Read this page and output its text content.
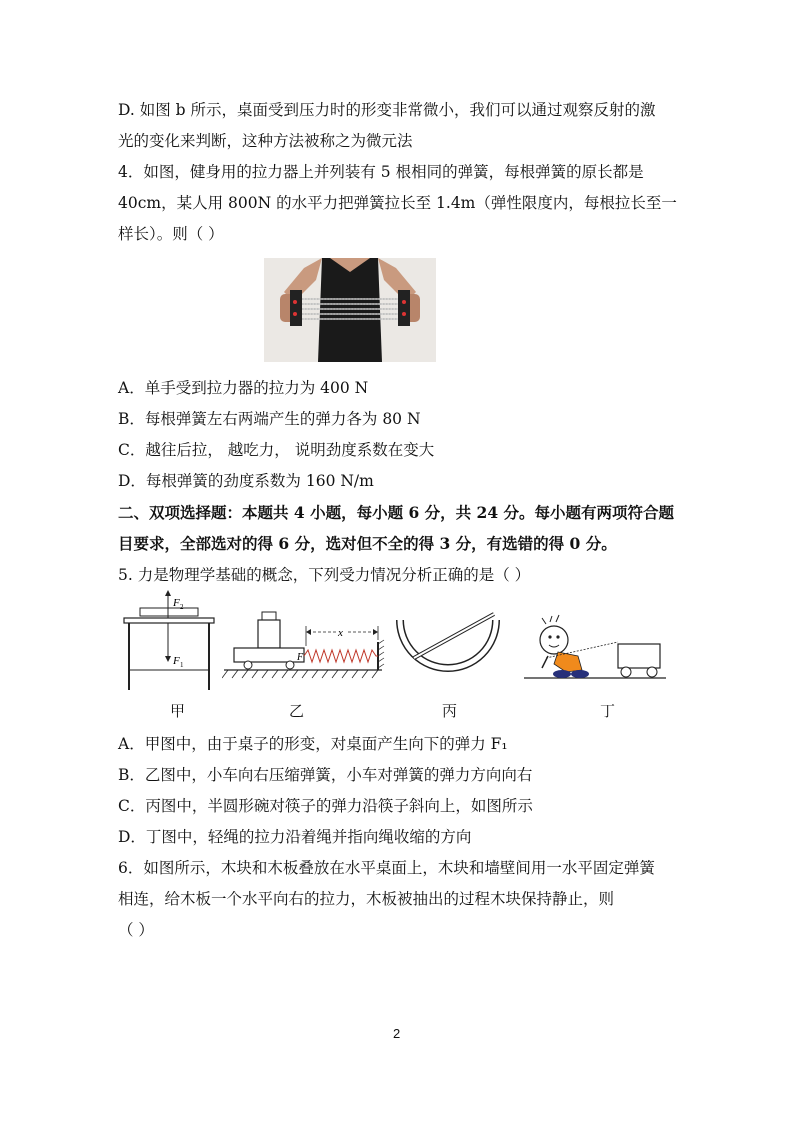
D. 如图 b 所示，桌面受到压力时的形变非常微小，我们可以通过观察反射的激
光的变化来判断，这种方法被称之为微元法
4．如图，健身用的拉力器上并列装有 5 根相同的弹簧，每根弹簧的原长都是
40cm，某人用 800N 的水平力把弹簧拉长至 1.4m（弹性限度内，每根拉长至一
样长）。则（ ）
A．单手受到拉力器的拉力为 400 N
B．每根弹簧左右两端产生的弹力各为 80 N
C．越往后拉， 越吃力， 说明劲度系数在变大
D．每根弹簧的劲度系数为 160 N/m
二、双项选择题：本题共 4 小题，每小题 6 分，共 24 分。每小题有两项符合题
目要求，全部选对的得 6 分，选对但不全的得 3 分，有选错的得 0 分。
5. 力是物理学基础的概念，下列受力情况分析正确的是（ ）
F 2
F 1
F
x
甲	乙	丙	丁
A．甲图中，由于桌子的形变，对桌面产生向下的弹力 F₁
B．乙图中，小车向右压缩弹簧，小车对弹簧的弹力方向向右
C．丙图中，半圆形碗对筷子的弹力沿筷子斜向上，如图所示
D．丁图中，轻绳的拉力沿着绳并指向绳收缩的方向
6．如图所示，木块和木板叠放在水平桌面上，木块和墙壁间用一水平固定弹簧
相连，给木板一个水平向右的拉力，木板被抽出的过程木块保持静止，则
（ ）
2
